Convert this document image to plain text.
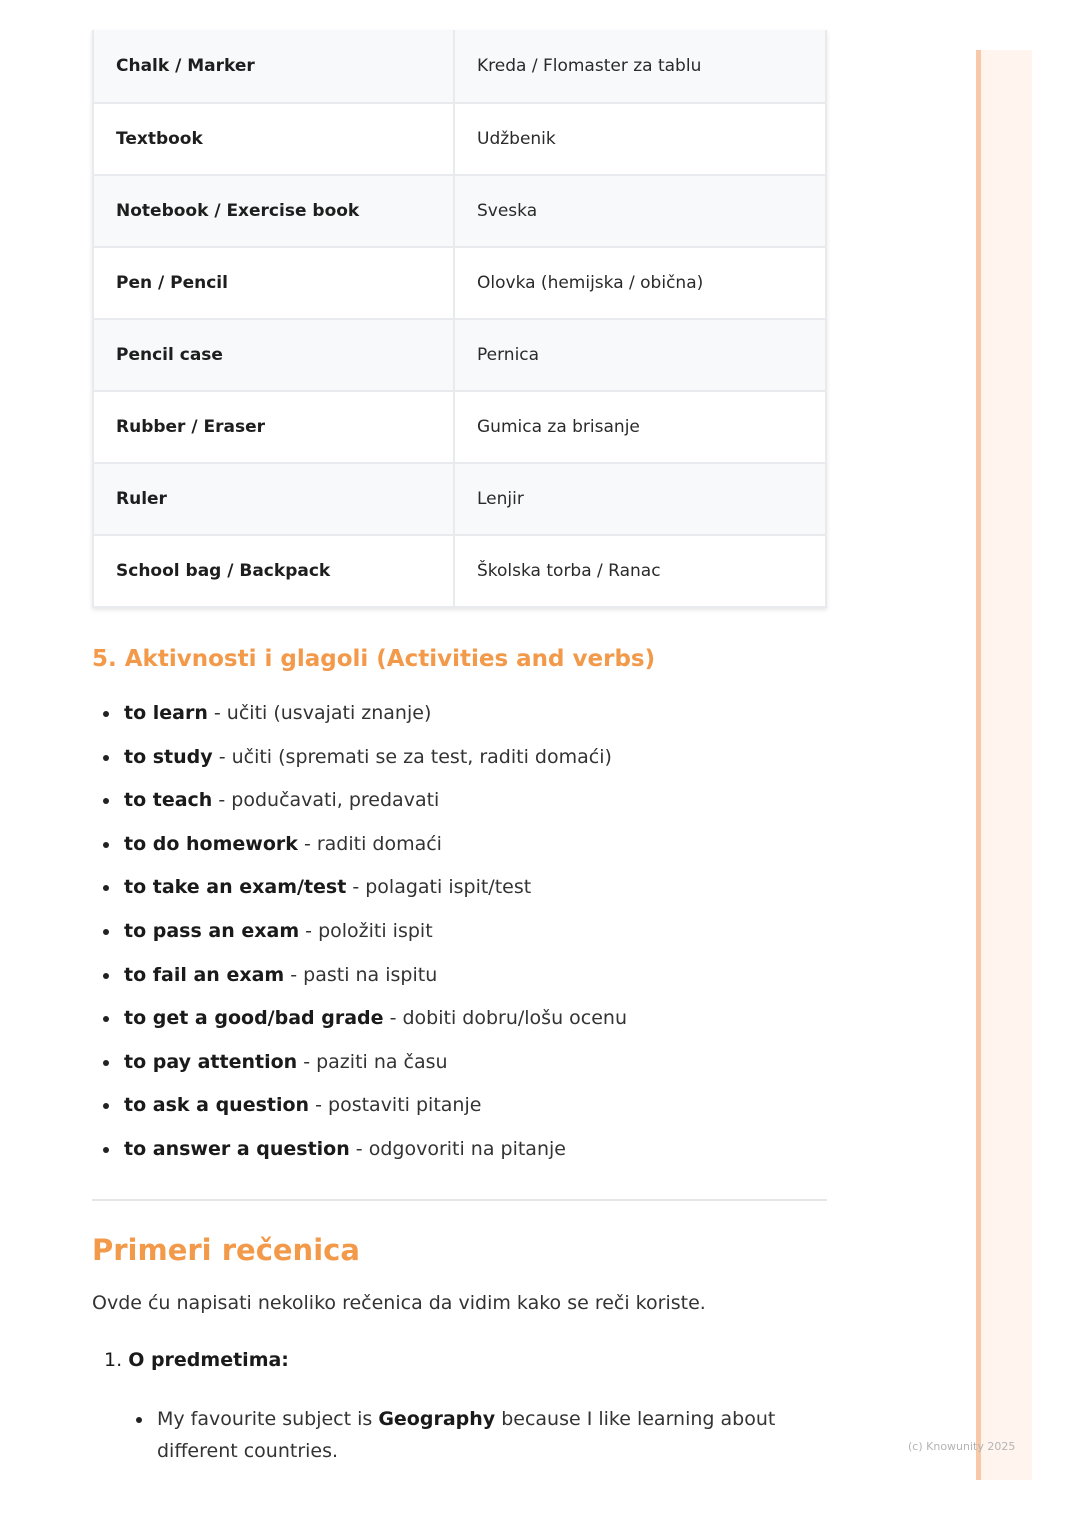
Chalk / Marker	Kreda / Flomaster za tablu
Textbook	Udžbenik
Notebook / Exercise book	Sveska
Pen / Pencil	Olovka (hemijska / obična)
Pencil case	Pernica
Rubber / Eraser	Gumica za brisanje
Ruler	Lenjir
School bag / Backpack	Školska torba / Ranac
5. Aktivnosti i glagoli (Activities and verbs)
to learn - učiti (usvajati znanje)
to study - učiti (spremati se za test, raditi domaći)
to teach - podučavati, predavati
to do homework - raditi domaći
to take an exam/test - polagati ispit/test
to pass an exam - položiti ispit
to fail an exam - pasti na ispitu
to get a good/bad grade - dobiti dobru/lošu ocenu
to pay attention - paziti na času
to ask a question - postaviti pitanje
to answer a question - odgovoriti na pitanje
Primeri rečenica

Ovde ću napisati nekoliko rečenica da vidim kako se reči koriste.

1. O predmetima:
My favourite subject is Geography because I like learning about different countries.	(c) Knowunity 2025
